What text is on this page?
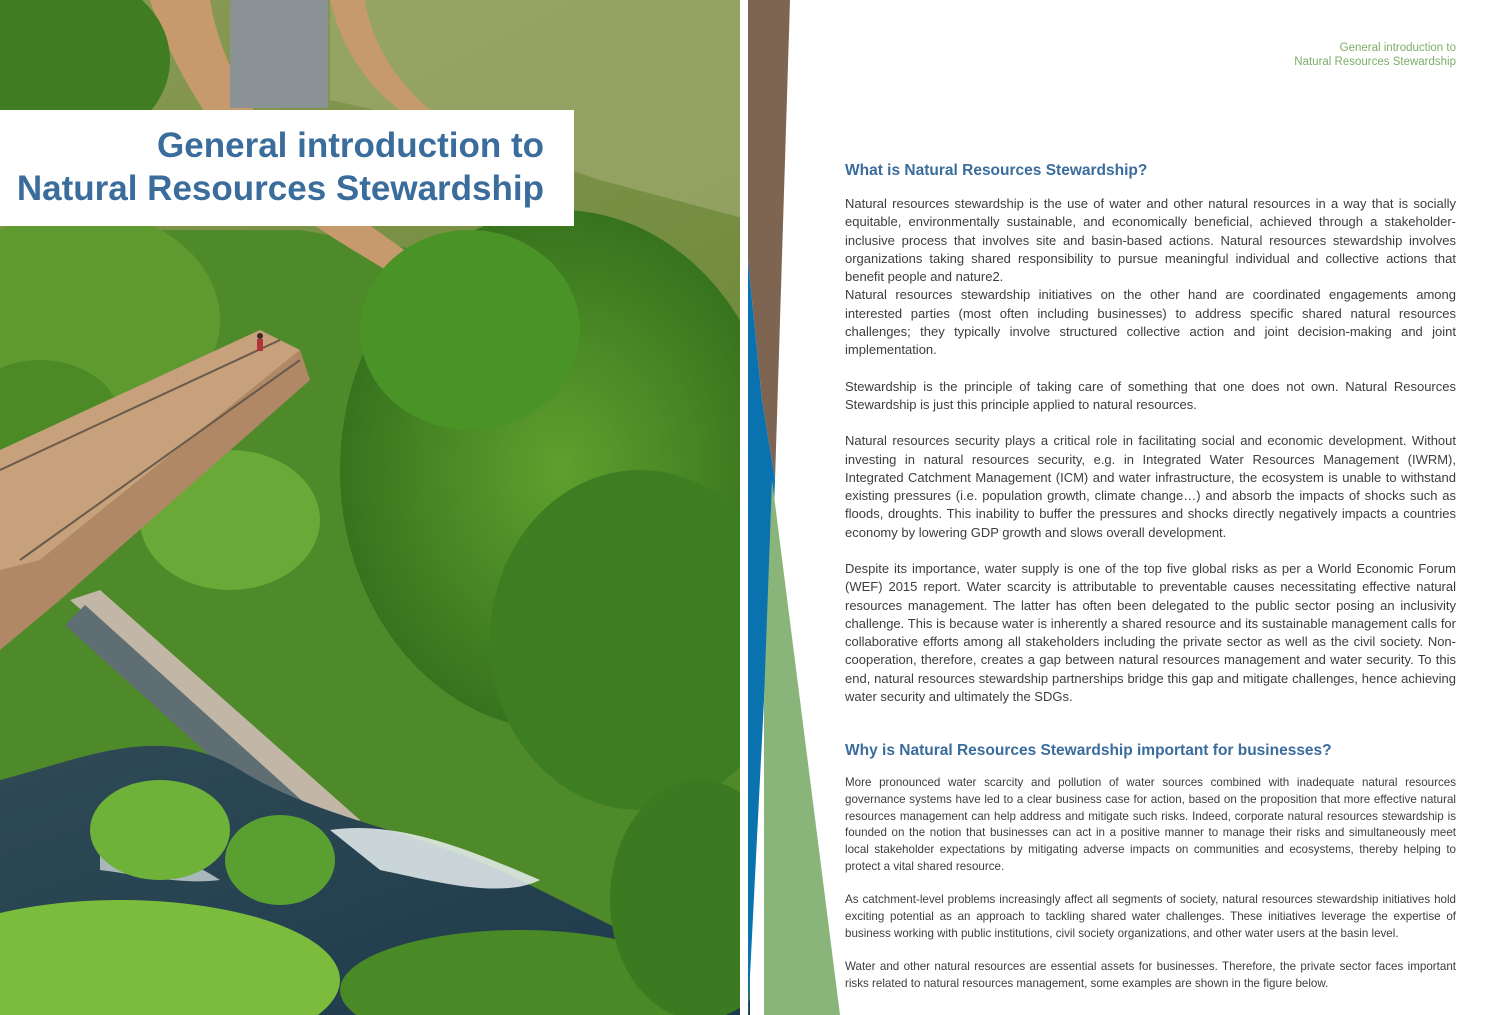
General introduction to
Natural Resources Stewardship
General introduction to
Natural Resources Stewardship
What is Natural Resources Stewardship?

Natural resources stewardship is the use of water and other natural resources in a way that is socially equitable, environmentally sustainable, and economically beneficial, achieved through a stakeholder-inclusive process that involves site and basin-based actions. Natural resources stewardship involves organizations taking shared responsibility to pursue meaningful individual and collective actions that benefit people and nature2.

Natural resources stewardship initiatives on the other hand are coordinated engagements among interested parties (most often including businesses) to address specific shared natural resources challenges; they typically involve structured collective action and joint decision-making and joint implementation.

Stewardship is the principle of taking care of something that one does not own. Natural Resources Stewardship is just this principle applied to natural resources.

Natural resources security plays a critical role in facilitating social and economic development. Without investing in natural resources security, e.g. in Integrated Water Resources Management (IWRM), Integrated Catchment Management (ICM) and water infrastructure, the ecosystem is unable to withstand existing pressures (i.e. population growth, climate change…) and absorb the impacts of shocks such as floods, droughts. This inability to buffer the pressures and shocks directly negatively impacts a countries economy by lowering GDP growth and slows overall development.

Despite its importance, water supply is one of the top five global risks as per a World Economic Forum (WEF) 2015 report. Water scarcity is attributable to preventable causes necessitating effective natural resources management. The latter has often been delegated to the public sector posing an inclusivity challenge. This is because water is inherently a shared resource and its sustainable management calls for collaborative efforts among all stakeholders including the private sector as well as the civil society. Non-cooperation, therefore, creates a gap between natural resources management and water security. To this end, natural resources stewardship partnerships bridge this gap and mitigate challenges, hence achieving water security and ultimately the SDGs.

Why is Natural Resources Stewardship important for businesses?

More pronounced water scarcity and pollution of water sources combined with inadequate natural resources governance systems have led to a clear business case for action, based on the proposition that more effective natural resources management can help address and mitigate such risks. Indeed, corporate natural resources stewardship is founded on the notion that businesses can act in a positive manner to manage their risks and simultaneously meet local stakeholder expectations by mitigating adverse impacts on communities and ecosystems, thereby helping to protect a vital shared resource.

As catchment-level problems increasingly affect all segments of society, natural resources stewardship initiatives hold exciting potential as an approach to tackling shared water challenges. These initiatives leverage the expertise of business working with public institutions, civil society organizations, and other water users at the basin level.

Water and other natural resources are essential assets for businesses. Therefore, the private sector faces important risks related to natural resources management, some examples are shown in the figure below.
